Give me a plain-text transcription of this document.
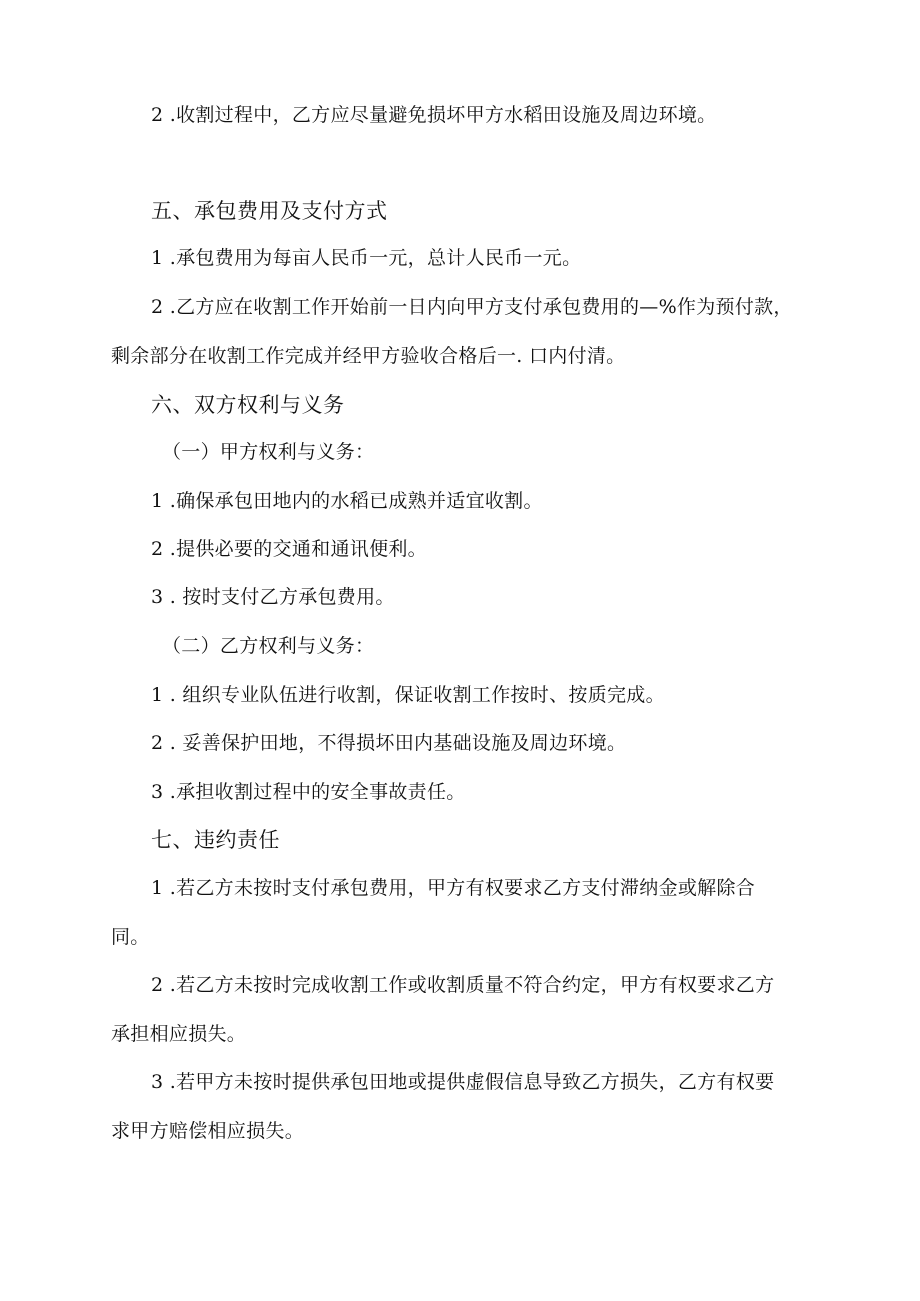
2 .收割过程中，乙方应尽量避免损坏甲方水稻田设施及周边环境。
五、承包费用及支付方式
1 .承包费用为每亩人民币一元，总计人民币一元。
2 .乙方应在收割工作开始前一日内向甲方支付承包费用的—%作为预付款，
剩余部分在收割工作完成并经甲方验收合格后一. 口内付清。
六、双方权利与义务
（一）甲方权利与义务：
1 .确保承包田地内的水稻已成熟并适宜收割。
2 .提供必要的交通和通讯便利。
3 . 按时支付乙方承包费用。
（二）乙方权利与义务：
1 . 组织专业队伍进行收割，保证收割工作按时、按质完成。
2 . 妥善保护田地，不得损坏田内基础设施及周边环境。
3 .承担收割过程中的安全事故责任。
七、违约责任
1 .若乙方未按时支付承包费用，甲方有权要求乙方支付滞纳金或解除合
同。
2 .若乙方未按时完成收割工作或收割质量不符合约定，甲方有权要求乙方
承担相应损失。
3 .若甲方未按时提供承包田地或提供虚假信息导致乙方损失，乙方有权要
求甲方赔偿相应损失。
